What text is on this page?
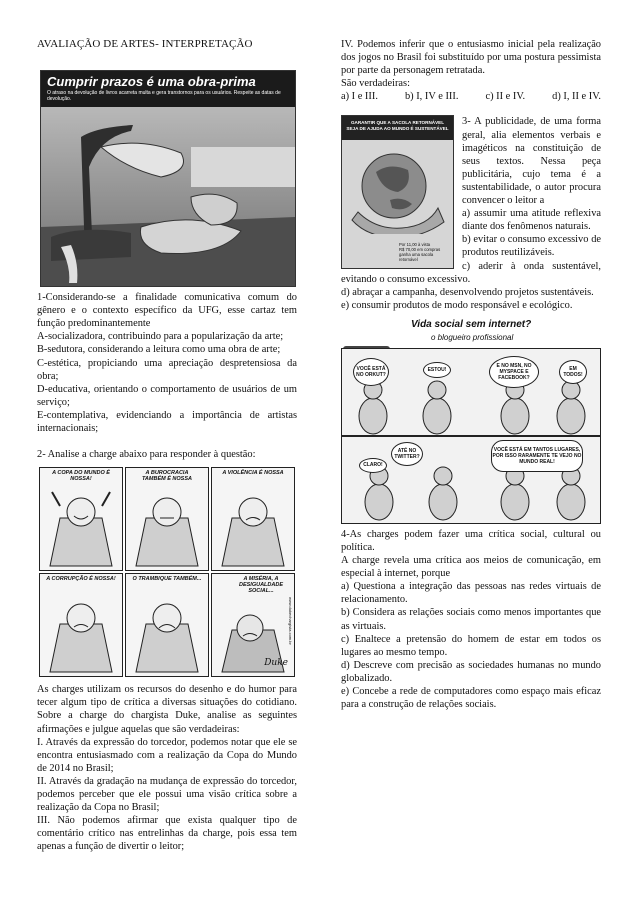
AVALIAÇÃO DE ARTES- INTERPRETAÇÃO

Cumprir prazos é uma obra-prima
O atraso na devolução de livros acarreta multa e gera transtornos para os usuários. Respeite as datas de devolução.

1-Considerando-se a finalidade comunicativa comum do gênero e o contexto específico da UFG, esse cartaz tem função predominantemente

A-socializadora, contribuindo para a popularização da arte;

B-sedutora, considerando a leitura como uma obra de arte;

C-estética, propiciando uma apreciação despretensiosa da obra;

D-educativa, orientando o comportamento de usuários de um serviço;

E-contemplativa, evidenciando a importância de artistas internacionais;

2- Analise a charge abaixo para responder à questão:

A COPA DO MUNDO É NOSSA!
A BUROCRACIA TAMBÉM É NOSSA
A VIOLÊNCIA É NOSSA
A CORRUPÇÃO É NOSSA!	O TRAMBIQUE TAMBÉM...	A MISÉRIA, A DESIGUALDADE SOCIAL...
Duke
www.dukechargista.com.br

As charges utilizam os recursos do desenho e do humor para tecer algum tipo de crítica a diversas situações do cotidiano. Sobre a charge do chargista Duke, analise as seguintes afirmações e julgue aquelas que são verdadeiras:

I. Através da expressão do torcedor, podemos notar que ele se encontra entusiasmado com a realização da Copa do Mundo de 2014 no Brasil;

II. Através da gradação na mudança de expressão do torcedor, podemos perceber que ele possui uma visão crítica sobre a realização da Copa no Brasil;

III. Não podemos afirmar que exista qualquer tipo de comentário crítico nas entrelinhas da charge, pois essa tem apenas a função de divertir o leitor;

IV. Podemos inferir que o entusiasmo inicial pela realização dos jogos no Brasil foi substituído por uma postura pessimista por parte da personagem retratada.

São verdadeiras:

a) I e III.	b) I, IV e III.	c) II e IV.	d) I, II e IV.
GARANTIR QUE A SACOLA RETORNÁVEL SEJA DE AJUDA AO MUNDO É SUSTENTÁVEL
Por 11,00 à vista
R$ 70,00 em compras
ganha uma sacola
retornável

3- A publicidade, de uma forma geral, alia elementos verbais e imagéticos na constituição de seus textos. Nessa peça publicitária, cujo tema é a sustentabilidade, o autor procura convencer o leitor a

a) assumir uma atitude reflexiva diante dos fenômenos naturais.

b) evitar o consumo excessivo de produtos reutilizáveis.

c) aderir à onda sustentável, evitando o consumo excessivo.

d) abraçar a campanha, desenvolvendo projetos sustentáveis.

e) consumir produtos de modo responsável e ecológico.

Vida social sem internet?
o blogueiro profissional
VOCÊ ESTÁ NO ORKUT?
ESTOU!
E NO MSN, NO MYSPACE E FACEBOOK?
EM TODOS!
ATÉ NO TWITTER?
CLARO!
VOCÊ ESTÁ EM TANTOS LUGARES, POR ISSO RARAMENTE TE VEJO NO MUNDO REAL!

4-As charges podem fazer uma crítica social, cultural ou política.

A charge revela uma crítica aos meios de comunicação, em especial à internet, porque

a) Questiona a integração das pessoas nas redes virtuais de relacionamento.

b) Considera as relações sociais como menos importantes que as virtuais.

c) Enaltece a pretensão do homem de estar em todos os lugares ao mesmo tempo.

d) Descreve com precisão as sociedades humanas no mundo globalizado.

e) Concebe a rede de computadores como espaço mais eficaz para a construção de relações sociais.
